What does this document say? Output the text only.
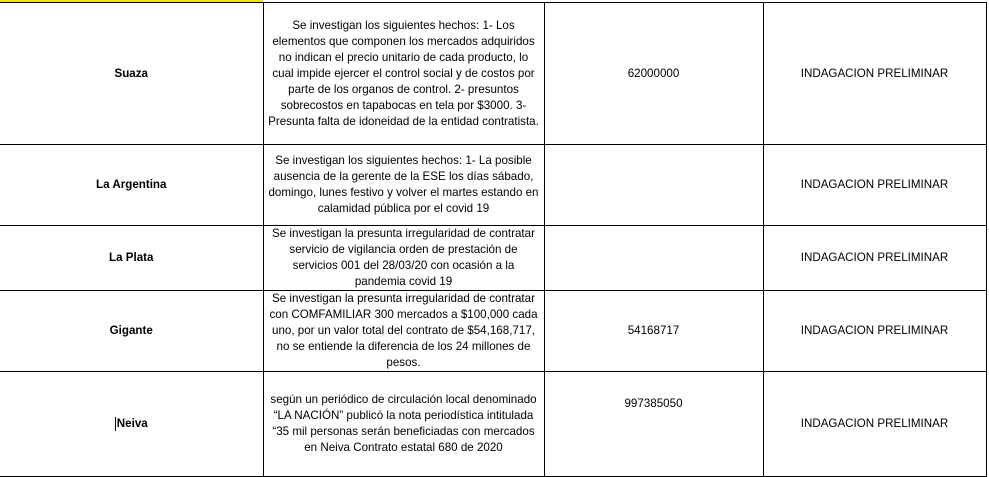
Suaza	Se investigan los siguientes hechos: 1- Los elementos que componen los mercados adquiridos no indican el precio unitario de cada producto, lo cual impide ejercer el control social y de costos por parte de los organos de control. 2- presuntos sobrecostos en tapabocas en tela por $3000. 3- Presunta falta de idoneidad de la entidad contratista.	62000000	INDAGACION PRELIMINAR
La Argentina	Se investigan los siguientes hechos: 1- La posible ausencia de la gerente de la ESE los días sábado, domingo, lunes festivo y volver el martes estando en calamidad pública por el covid 19		INDAGACION PRELIMINAR
La Plata	Se investigan la presunta irregularidad de contratar servicio de vigilancia orden de prestación de servicios 001 del 28/03/20 con ocasión a la pandemia covid 19		INDAGACION PRELIMINAR
Gigante	Se investigan la presunta irregularidad de contratar con COMFAMILIAR 300 mercados a $100,000 cada uno, por un valor total del contrato de $54,168,717, no se entiende la diferencia de los 24 millones de pesos.	54168717	INDAGACION PRELIMINAR
Neiva	según un periódico de circulación local denominado “LA NACIÓN” publicó la nota periodística intitulada “35 mil personas serán beneficiadas con mercados en Neiva Contrato estatal 680 de 2020	997385050	INDAGACION PRELIMINAR
